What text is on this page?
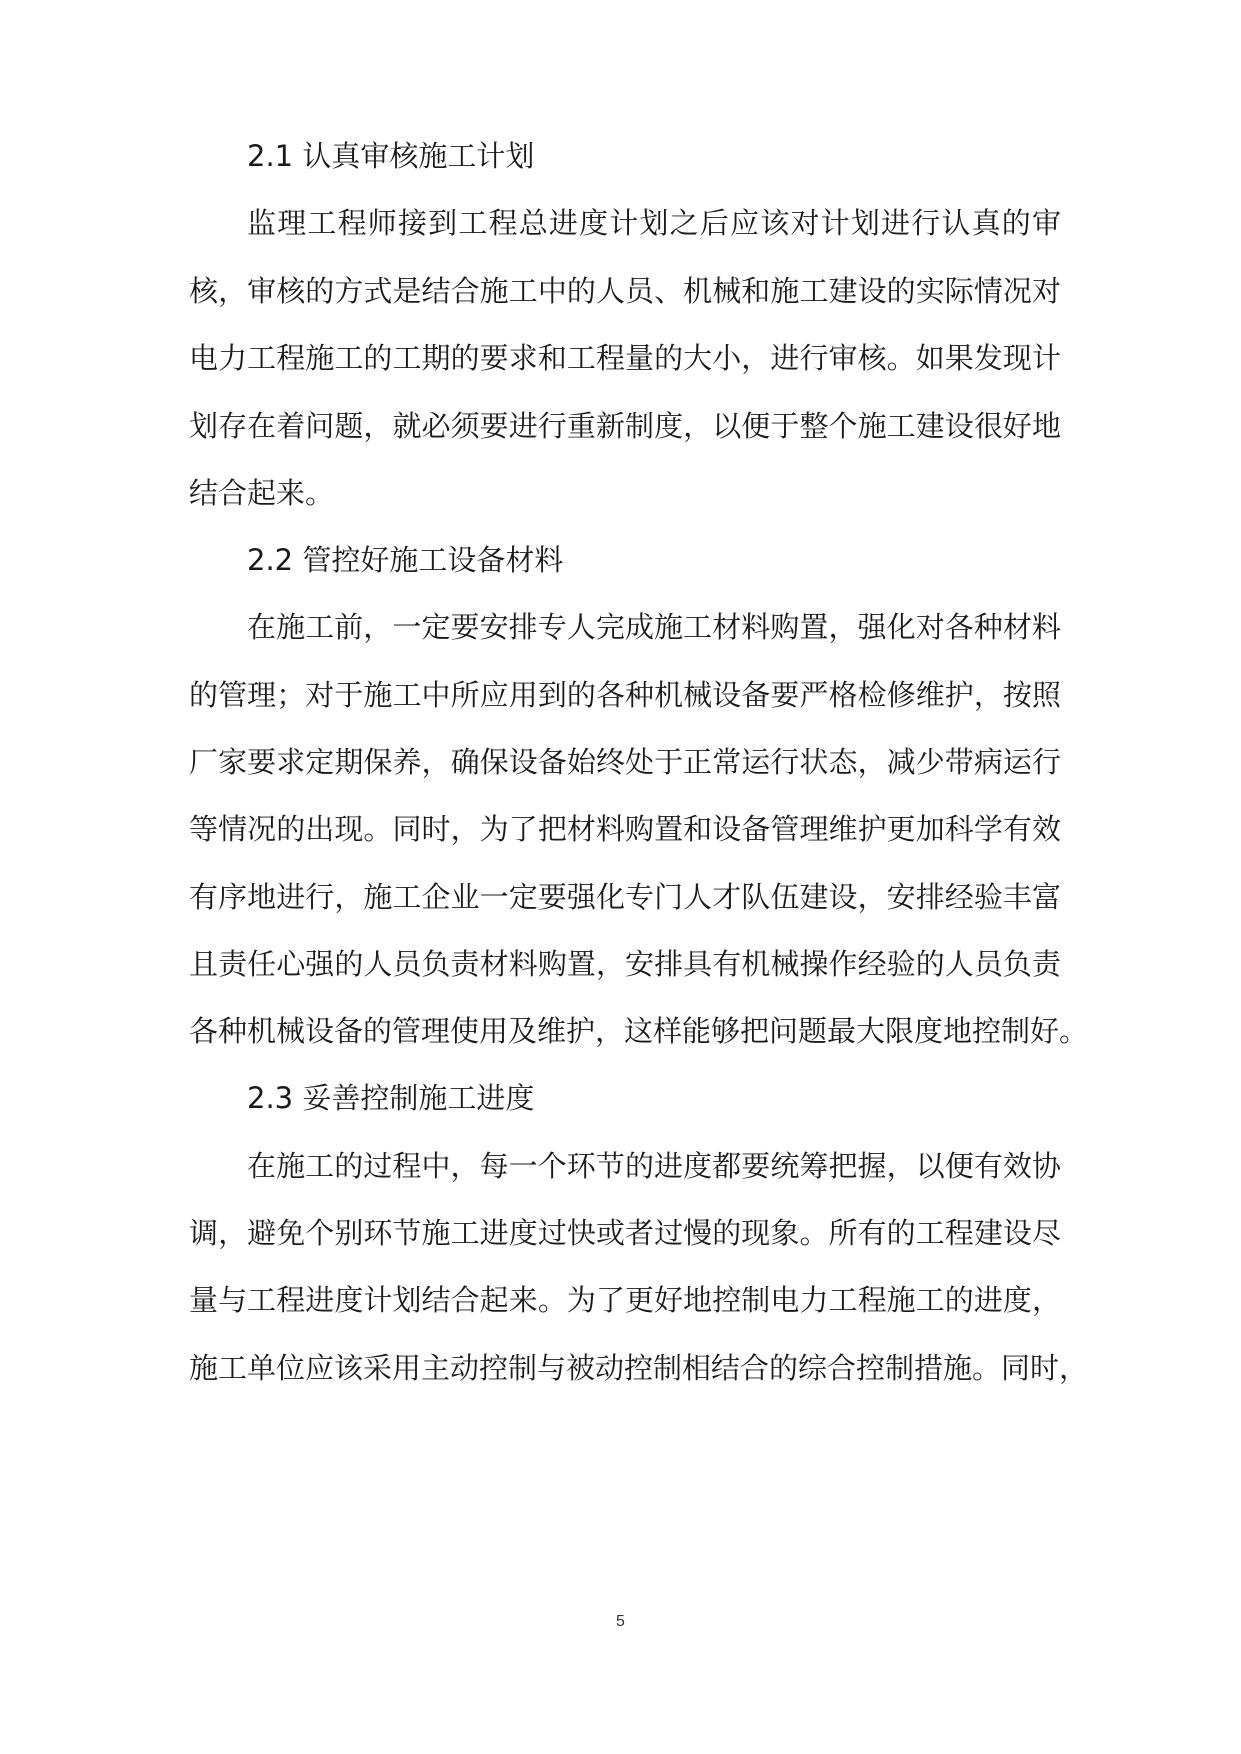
2.1 认真审核施工计划
监理工程师接到工程总进度计划之后应该对计划进行认真的审
核，审核的方式是结合施工中的人员、机械和施工建设的实际情况对
电力工程施工的工期的要求和工程量的大小，进行审核。如果发现计
划存在着问题，就必须要进行重新制度，以便于整个施工建设很好地
结合起来。
2.2 管控好施工设备材料
在施工前，一定要安排专人完成施工材料购置，强化对各种材料
的管理；对于施工中所应用到的各种机械设备要严格检修维护，按照
厂家要求定期保养，确保设备始终处于正常运行状态，减少带病运行
等情况的出现。同时，为了把材料购置和设备管理维护更加科学有效
有序地进行，施工企业一定要强化专门人才队伍建设，安排经验丰富
且责任心强的人员负责材料购置，安排具有机械操作经验的人员负责
各种机械设备的管理使用及维护，这样能够把问题最大限度地控制好。
2.3 妥善控制施工进度
在施工的过程中，每一个环节的进度都要统筹把握，以便有效协
调，避免个别环节施工进度过快或者过慢的现象。所有的工程建设尽
量与工程进度计划结合起来。为了更好地控制电力工程施工的进度，
施工单位应该采用主动控制与被动控制相结合的综合控制措施。同时，
5
